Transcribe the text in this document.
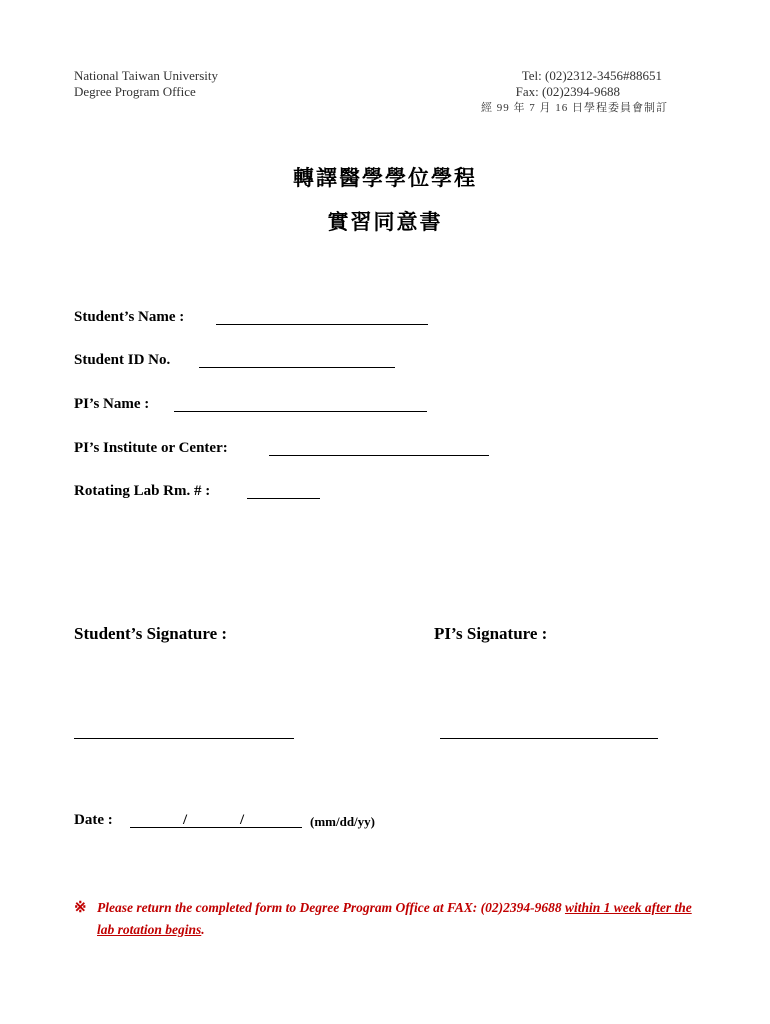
National Taiwan University
Degree Program Office
Tel: (02)2312-3456#88651
Fax: (02)2394-9688
經 99 年 7 月 16 日學程委員會制訂
轉譯醫學學位學程
實習同意書
Student’s Name :
Student ID No.
PI’s Name :
PI’s Institute or Center:
Rotating Lab Rm. # :
Student’s Signature :	PI’s Signature :
Date :	/	/	(mm/dd/yy)
※ Please return the completed form to Degree Program Office at FAX: (02)2394-9688 within 1 week after the lab rotation begins.
